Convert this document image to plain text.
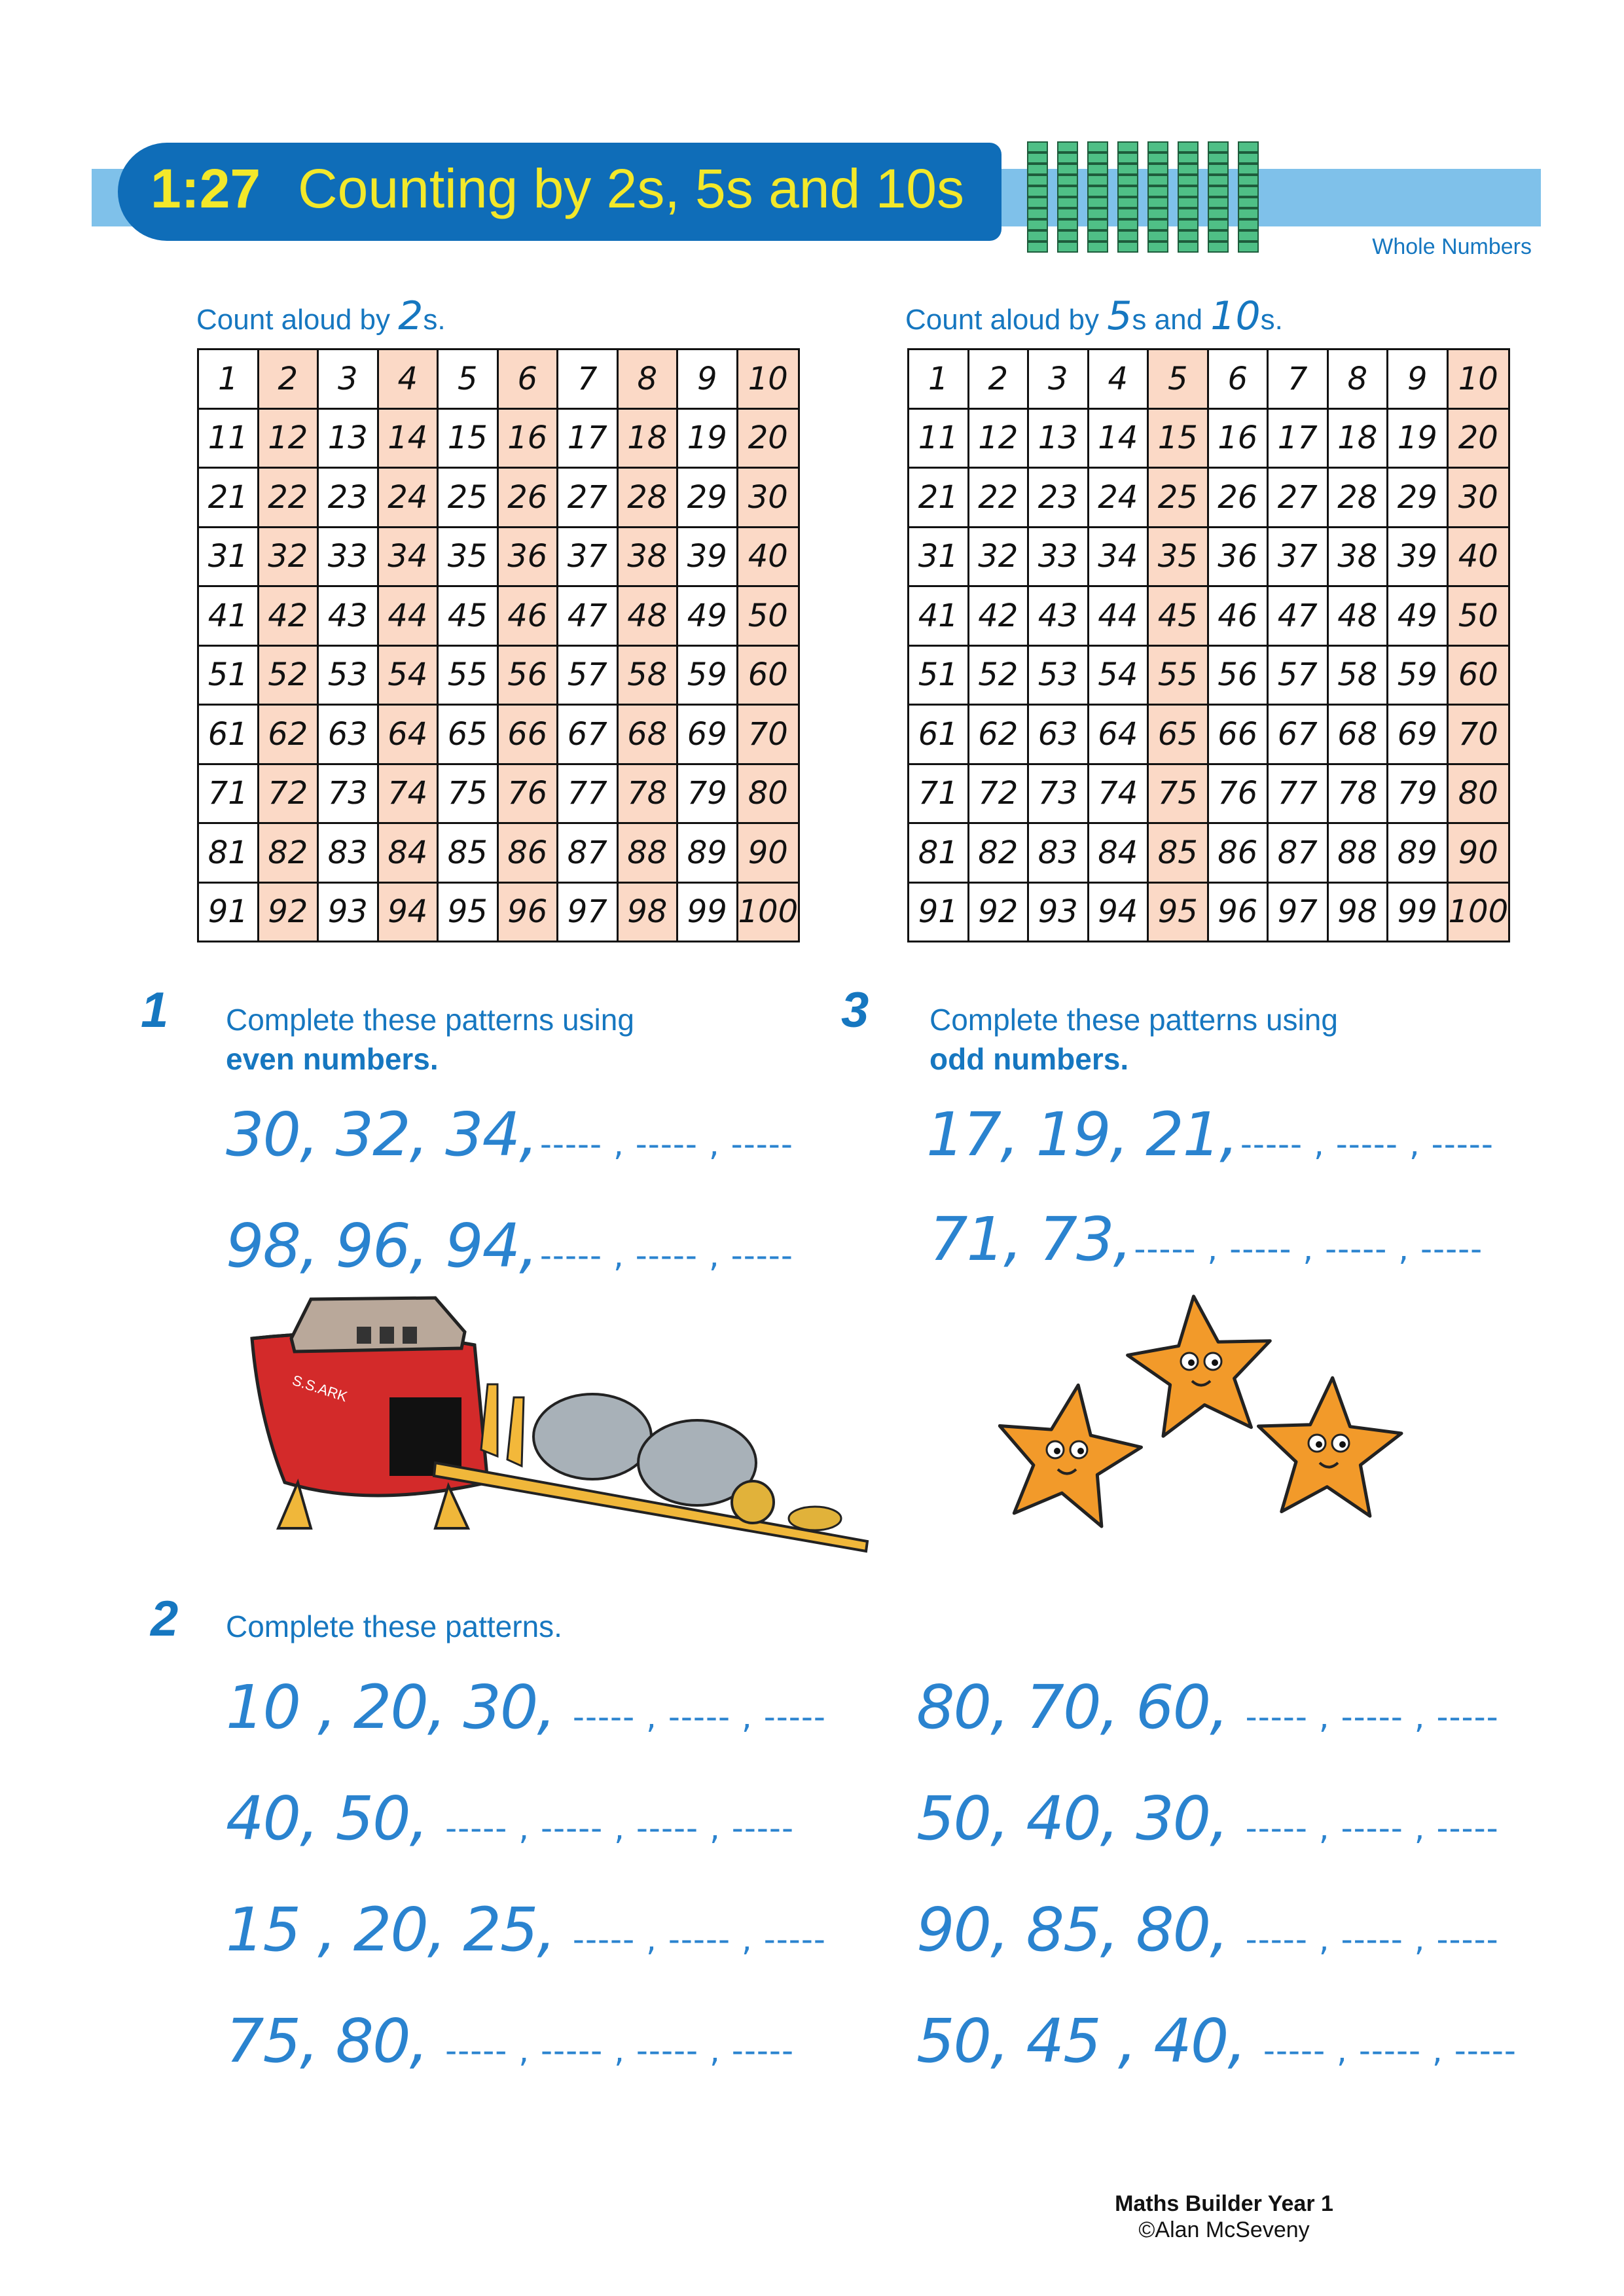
1:27 Counting by 2s, 5s and 10s
Whole Numbers
Count aloud by 2s.	Count aloud by 5s and 10s.
1	2	3	4	5	6	7	8	9	10
11	12	13	14	15	16	17	18	19	20
21	22	23	24	25	26	27	28	29	30
31	32	33	34	35	36	37	38	39	40
41	42	43	44	45	46	47	48	49	50
51	52	53	54	55	56	57	58	59	60
61	62	63	64	65	66	67	68	69	70
71	72	73	74	75	76	77	78	79	80
81	82	83	84	85	86	87	88	89	90
91	92	93	94	95	96	97	98	99	100
1	2	3	4	5	6	7	8	9	10
11	12	13	14	15	16	17	18	19	20
21	22	23	24	25	26	27	28	29	30
31	32	33	34	35	36	37	38	39	40
41	42	43	44	45	46	47	48	49	50
51	52	53	54	55	56	57	58	59	60
61	62	63	64	65	66	67	68	69	70
71	72	73	74	75	76	77	78	79	80
81	82	83	84	85	86	87	88	89	90
91	92	93	94	95	96	97	98	99	100
1 Complete these patterns using
even numbers.
30, 32, 34, ----- , ----- , -----
98, 96, 94, ----- , ----- , -----
3 Complete these patterns using
odd numbers.
17, 19, 21, ----- , ----- , -----
71, 73, ----- , ----- , ----- , -----
S.S.ARK
2 Complete these patterns.
10 , 20, 30, ----- , ----- , -----
40, 50, ----- , ----- , ----- , -----
15 , 20, 25, ----- , ----- , -----
75, 80, ----- , ----- , ----- , -----
80, 70, 60, ----- , ----- , -----
50, 40, 30, ----- , ----- , -----
90, 85, 80, ----- , ----- , -----
50, 45 , 40, ----- , ----- , -----
Maths Builder Year 1
©Alan McSeveny
